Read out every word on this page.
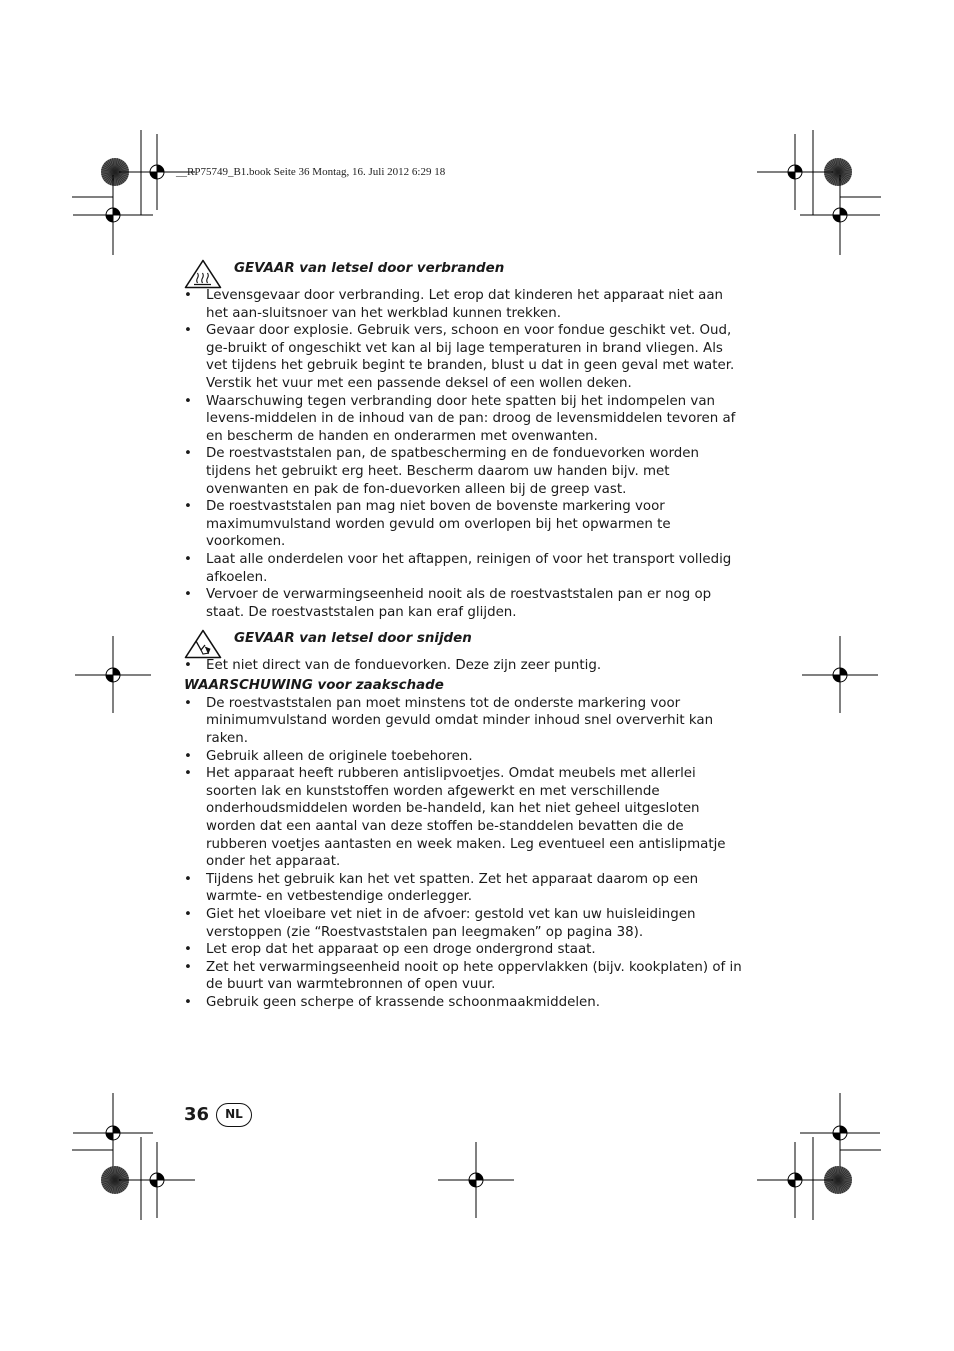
__RP75749_B1.book Seite 36 Montag, 16. Juli 2012 6:29 18
GEVAAR van letsel door verbranden
• Levensgevaar door verbranding. Let erop dat kinderen het apparaat niet aan het aan-sluitsnoer van het werkblad kunnen trekken.
• Gevaar door explosie. Gebruik vers, schoon en voor fondue geschikt vet. Oud, ge-bruikt of ongeschikt vet kan al bij lage temperaturen in brand vliegen. Als vet tijdens het gebruik begint te branden, blust u dat in geen geval met water. Verstik het vuur met een passende deksel of een wollen deken.
• Waarschuwing tegen verbranding door hete spatten bij het indompelen van levens-middelen in de inhoud van de pan: droog de levensmiddelen tevoren af en bescherm de handen en onderarmen met ovenwanten.
• De roestvaststalen pan, de spatbescherming en de fonduevorken worden tijdens het gebruikt erg heet. Bescherm daarom uw handen bijv. met ovenwanten en pak de fon-duevorken alleen bij de greep vast.
• De roestvaststalen pan mag niet boven de bovenste markering voor maximumvulstand worden gevuld om overlopen bij het opwarmen te voorkomen.
• Laat alle onderdelen voor het aftappen, reinigen of voor het transport volledig afkoelen.
• Vervoer de verwarmingseenheid nooit als de roestvaststalen pan er nog op staat. De roestvaststalen pan kan eraf glijden.
GEVAAR van letsel door snijden
• Eet niet direct van de fonduevorken. Deze zijn zeer puntig.
WAARSCHUWING voor zaakschade
• De roestvaststalen pan moet minstens tot de onderste markering voor minimumvulstand worden gevuld omdat minder inhoud snel oververhit kan raken.
• Gebruik alleen de originele toebehoren.
• Het apparaat heeft rubberen antislipvoetjes. Omdat meubels met allerlei soorten lak en kunststoffen worden afgewerkt en met verschillende onderhoudsmiddelen worden be-handeld, kan het niet geheel uitgesloten worden dat een aantal van deze stoffen be-standdelen bevatten die de rubberen voetjes aantasten en week maken. Leg eventueel een antislipmatje onder het apparaat.
• Tijdens het gebruik kan het vet spatten. Zet het apparaat daarom op een warmte- en vetbestendige onderlegger.
• Giet het vloeibare vet niet in de afvoer: gestold vet kan uw huisleidingen verstoppen (zie “Roestvaststalen pan leegmaken” op pagina 38).
• Let erop dat het apparaat op een droge ondergrond staat.
• Zet het verwarmingseenheid nooit op hete oppervlakken (bijv. kookplaten) of in de buurt van warmtebronnen of open vuur.
• Gebruik geen scherpe of krassende schoonmaakmiddelen.
36	NL
